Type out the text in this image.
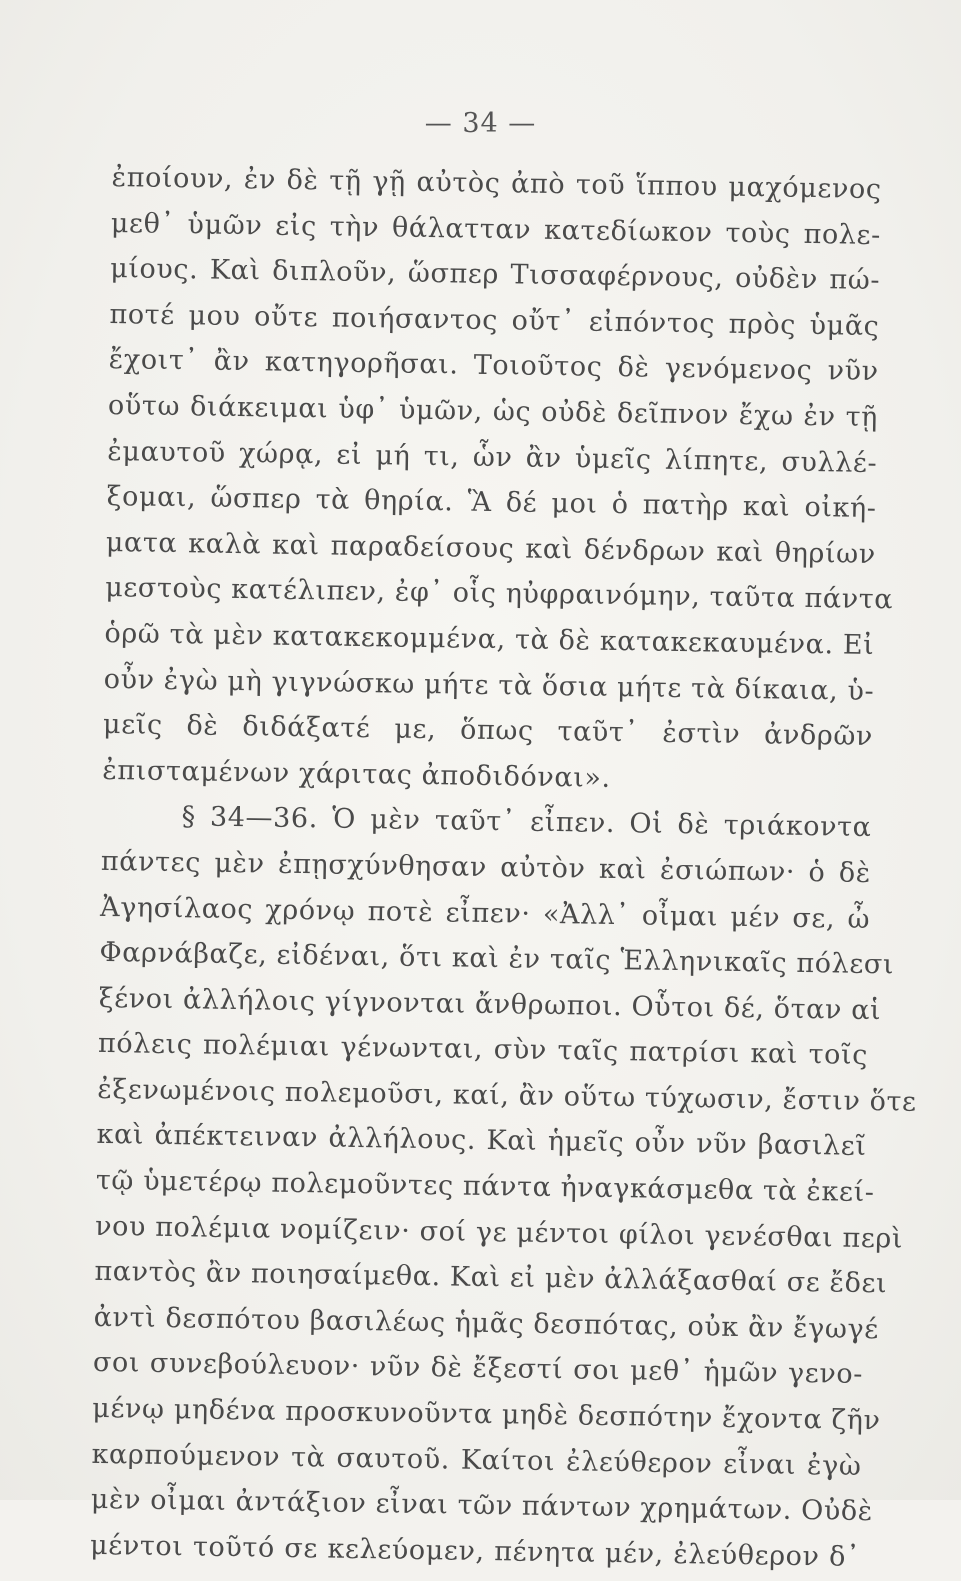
— 34 —
ἐποίουν, ἐν δὲ τῇ γῇ αὐτὸς ἀπὸ τοῦ ἵππου μαχόμενος
μεθ᾽ ὑμῶν εἰς τὴν θάλατταν κατεδίωκον τοὺς πολε-
μίους. Καὶ διπλοῦν, ὥσπερ Τισσαφέρνους, οὐδὲν πώ-
ποτέ μου οὔτε ποιήσαντος οὔτ᾽ εἰπόντος πρὸς ὑμᾶς
ἔχοιτ᾽ ἂν κατηγορῆσαι. Τοιοῦτος δὲ γενόμενος νῦν
οὕτω διάκειμαι ὑφ᾽ ὑμῶν, ὡς οὐδὲ δεῖπνον ἔχω ἐν τῇ
ἐμαυτοῦ χώρᾳ, εἰ μή τι, ὧν ἂν ὑμεῖς λίπητε, συλλέ-
ξομαι, ὥσπερ τὰ θηρία. Ἃ δέ μοι ὁ πατὴρ καὶ οἰκή-
ματα καλὰ καὶ παραδείσους καὶ δένδρων καὶ θηρίων
μεστοὺς κατέλιπεν, ἐφ᾽ οἷς ηὐφραινόμην, ταῦτα πάντα
ὁρῶ τὰ μὲν κατακεκομμένα, τὰ δὲ κατακεκαυμένα. Εἰ
οὖν ἐγὼ μὴ γιγνώσκω μήτε τὰ ὅσια μήτε τὰ δίκαια, ὑ-
μεῖς δὲ διδάξατέ με, ὅπως ταῦτ᾽ ἐστὶν ἀνδρῶν ἐπισταμένων χάριτας ἀποδιδόναι».
§ 34—36. Ὁ μὲν ταῦτ᾽ εἶπεν. Οἱ δὲ τριάκοντα
πάντες μὲν ἐπῃσχύνθησαν αὐτὸν καὶ ἐσιώπων· ὁ δὲ
Ἀγησίλαος χρόνῳ ποτὲ εἶπεν· «Ἀλλ᾽ οἶμαι μέν σε, ὦ
Φαρνάβαζε, εἰδέναι, ὅτι καὶ ἐν ταῖς Ἑλληνικαῖς πόλεσι
ξένοι ἀλλήλοις γίγνονται ἄνθρωποι. Οὗτοι δέ, ὅταν αἱ
πόλεις πολέμιαι γένωνται, σὺν ταῖς πατρίσι καὶ τοῖς
ἐξενωμένοις πολεμοῦσι, καί, ἂν οὕτω τύχωσιν, ἔστιν ὅτε
καὶ ἀπέκτειναν ἀλλήλους. Καὶ ἡμεῖς οὖν νῦν βασιλεῖ
τῷ ὑμετέρῳ πολεμοῦντες πάντα ἠναγκάσμεθα τὰ ἐκεί-
νου πολέμια νομίζειν· σοί γε μέντοι φίλοι γενέσθαι περὶ
παντὸς ἂν ποιησαίμεθα. Καὶ εἰ μὲν ἀλλάξασθαί σε ἔδει
ἀντὶ δεσπότου βασιλέως ἡμᾶς δεσπότας, οὐκ ἂν ἔγωγέ
σοι συνεβούλευον· νῦν δὲ ἔξεστί σοι μεθ᾽ ἡμῶν γενο-
μένῳ μηδένα προσκυνοῦντα μηδὲ δεσπότην ἔχοντα ζῆν
καρπούμενον τὰ σαυτοῦ. Καίτοι ἐλεύθερον εἶναι ἐγὼ
μὲν οἶμαι ἀντάξιον εἶναι τῶν πάντων χρημάτων. Οὐδὲ
μέντοι τοῦτό σε κελεύομεν, πένητα μέν, ἐλεύθερον δ᾽
